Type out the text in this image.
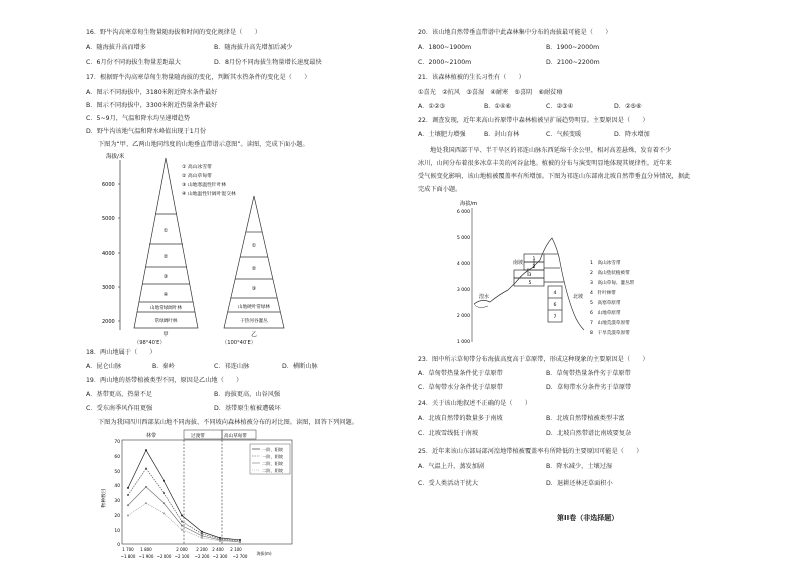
16．野牛沟高寒草甸生物量随海拔和时间的变化规律是（　　）
A．随海拔升高而增多	B．随海拔升高先增加后减少
C．6月份不同海拔生物量差距最大	D．8月份不同海拔生物量增长速度最快
17．根据野牛沟高寒草甸生物量随海拔的变化，判断其水热条件的变化是（　　）
A．图示不同海拔中，3180米附近降水条件最好
B．图示不同海拔中，3300米附近热量条件最好
C．5~9月，气温和降水均呈递增趋势
D．野牛沟该地气温和降水峰值出现于1月份
下图为“甲、乙两山地同纬度的山地垂直带谱示意图”。读图，完成下面小题。
海拔/米
6000
5000
4000
3000
2000
①
②
③
④
山地常绿阔叶林
常绿阔叶林
甲
① 高山冰雪带
② 高山草甸带
③ 山地寒温性针叶林
④ 山地温性针阔叶混交林
①
②
③
山地硬叶常绿林
干热河谷灌丛
乙
（98°40′E）	（100°40′E）
18．两山地属于（　　）
A．昆仑山脉	B．秦岭	C．祁连山脉	D．横断山脉
19．两山地的基带植被类型不同，原因是乙山地（　　）
A．基带更高，热量不足	B．海拔更高，山谷风强
C．受东南季风作用更强	D．基带原生植被遭破坏
下图为我国四川西部某山地不同海拔、不同坡向森林植被分布的对比图。读图，回答下列问题。
林带	过渡带	高山草甸带
物种数目
70
60
50
40
30
20
10
0
1 700 1 800	2 000 2 200 2 400 2 100
~1 800 ~1 900 ~2 000 ~2 100 ~2 200 ~2 300 ~2 700
海拔(m)
一阶、阳坡
一阶、阴坡
二阶、阳坡
二阶、阴坡
20．该山地自然带垂直带谱中此森林集中分布的海拔最可能是（　　）
A．1800~1900m	B．1900~2000m
C．2000~2100m	D．2100~2200m
21．该森林植被的生长习性有（　　）
①喜光　②抗风　③喜湿　④耐寒　⑤喜阴　⑥耐贫瘠
A．①②③	B．①④⑥	C．②③④	D．②⑤⑥
22．调查发现，近年来高山苔原带中森林植被呈扩展趋势明显。主要原因是（　　）
A．土壤肥力增强	B．封山育林	C．气候变暖	D．降水增加
地处我国西部干旱、半干旱区的祁连山脉东西延绵千余公里，相对高差悬殊，发育着不少
冰川，山间分布着很多冰草丰美的河谷盆地。植被的分布与演变明显地体现其规律性。近年来
受气候变化影响，该山地植被覆盖率有所增加。下图为祁连山东部南北坡自然带垂直分异情况，据此
完成下面小题。
海拔/m
6 000
5 000
4 000
3 000
2 000
1 000
1
2
3
5
4
6
7
南坡
北坡
湟水
1　高山冰雪带
2　高山垫状植被带
3　高山草甸、灌丛带
4　针叶林带
5　高寒草原带
6　山地草原带
7　山地荒漠草原带
8　干旱荒漠草原带
23．图中所示草甸带分布海拔高度高于草原带，形成这种现象的主要原因是（　　）
A．草甸带热量条件优于草原带	B．草甸带热量条件劣于草原带
C．草甸带水分条件优于草原带	D．草甸带水分条件劣于草原带
24．关于该山地叙述不正确的是（　　）
A．北坡自然带的数量多于南坡	B．北坡自然带植被类型丰富
C．北坡雪线低于南坡	D．北坡自然带谱比南坡要复杂
25．近年来该山东部局部河湟地带植被覆盖率有所降低的主要原因可能是（　　）
A．气温上升，蒸发加剧	B．降水减少，土壤过湿
C．受人类活动干扰大	D．退耕还林还草面积小
第II卷（非选择题）
